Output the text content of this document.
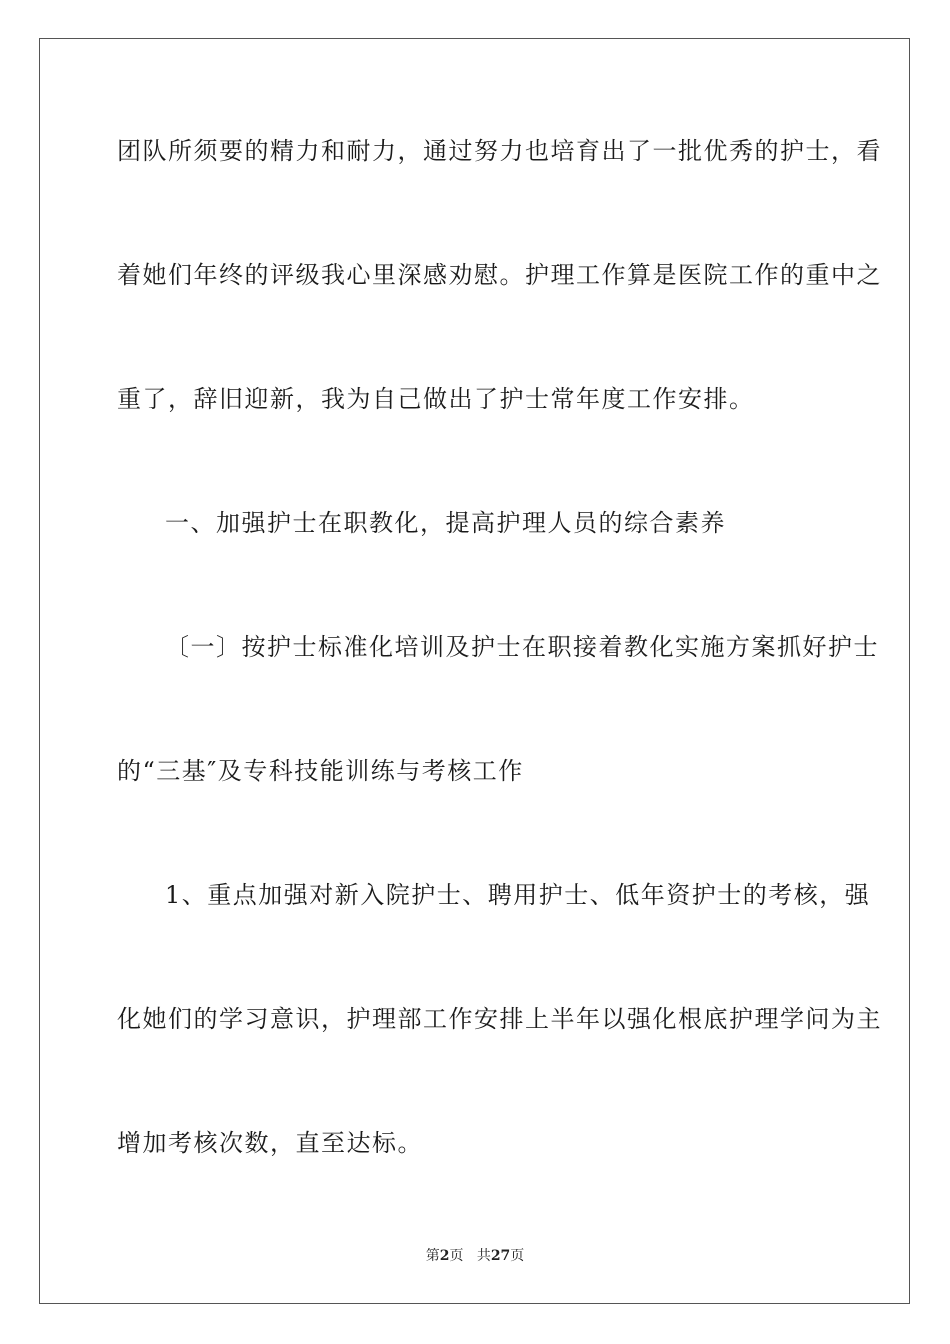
团队所须要的精力和耐力，通过努力也培育出了一批优秀的护士，看
着她们年终的评级我心里深感劝慰。护理工作算是医院工作的重中之
重了，辞旧迎新，我为自己做出了护士常年度工作安排。
一、加强护士在职教化，提高护理人员的综合素养
〔一〕按护士标准化培训及护士在职接着教化实施方案抓好护士
的“三基″及专科技能训练与考核工作
1、重点加强对新入院护士、聘用护士、低年资护士的考核，强
化她们的学习意识，护理部工作安排上半年以强化根底护理学问为主
增加考核次数，直至达标。
第2页 共27页
